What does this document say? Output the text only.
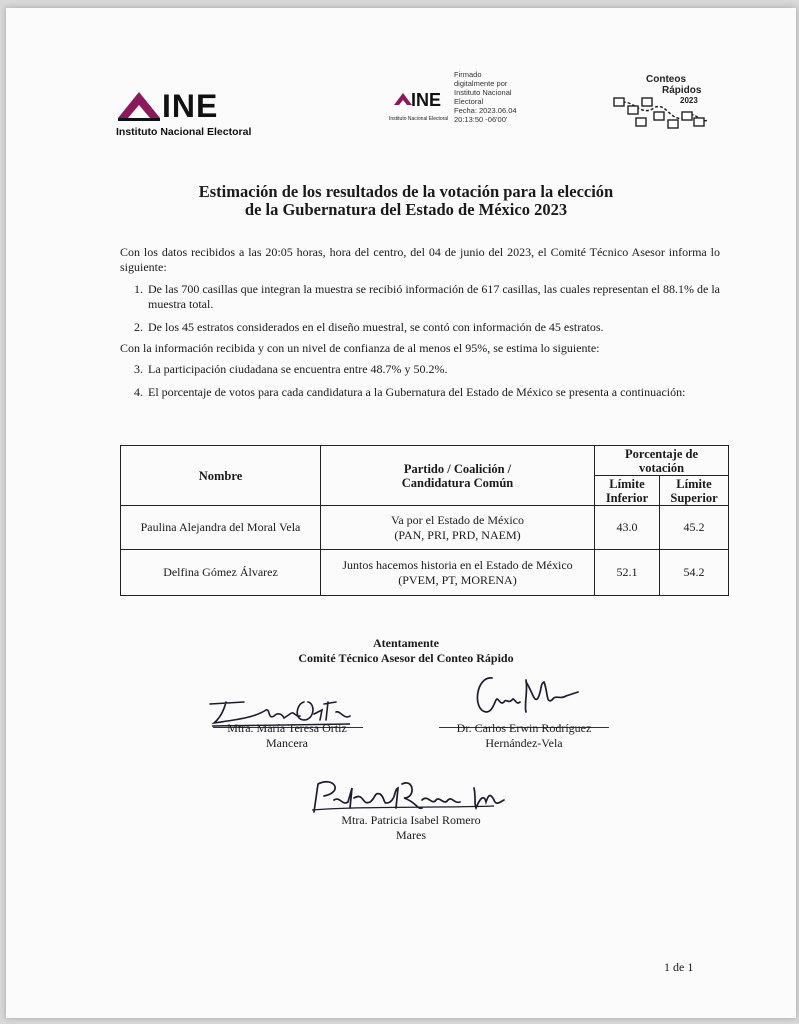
INE
Instituto Nacional Electoral
INE
Instituto Nacional Electoral
Firmado
digitalmente por
Instituto Nacional
Electoral
Fecha: 2023.06.04
20:13:50 -06'00'
Conteos
Rápidos
2023
Estimación de los resultados de la votación para la elección
de la Gubernatura del Estado de México 2023
Con los datos recibidos a las 20:05 horas, hora del centro, del 04 de junio del 2023, el Comité Técnico Asesor informa lo siguiente:
1. De las 700 casillas que integran la muestra se recibió información de 617 casillas, las cuales representan el 88.1% de la muestra total.
2. De los 45 estratos considerados en el diseño muestral, se contó con información de 45 estratos.
Con la información recibida y con un nivel de confianza de al menos el 95%, se estima lo siguiente:
3. La participación ciudadana se encuentra entre 48.7% y 50.2%.
4. El porcentaje de votos para cada candidatura a la Gubernatura del Estado de México se presenta a continuación:
Nombre	Partido / Coalición / Candidatura Común	Porcentaje de votación	
		Límite Inferior	Límite Superior
Paulina Alejandra del Moral Vela	Va por el Estado de México
(PAN, PRI, PRD, NAEM)	43.0	45.2
Delfina Gómez Álvarez	Juntos hacemos historia en el Estado de México
(PVEM, PT, MORENA)	52.1	54.2
Atentamente
Comité Técnico Asesor del Conteo Rápido
Mtra. María Teresa Ortiz
Mancera
Dr. Carlos Erwin Rodríguez
Hernández-Vela
Mtra. Patricia Isabel Romero
Mares
1 de 1
